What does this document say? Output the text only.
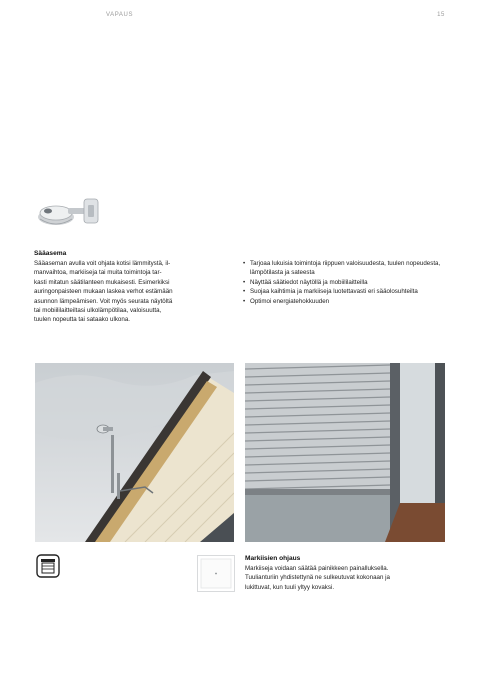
VAPAUS	15
Sääasema

Sääaseman avulla voit ohjata kotisi lämmitystä, il-

manvaihtoa, markiiseja tai muita toimintoja tar-

kasti mitatun säätilanteen mukaisesti. Esimerkiksi

auringonpaisteen mukaan laskea verhot estämään

asunnon lämpeämisen. Voit myös seurata näytöltä

tai mobiililaitteiltasi ulkolämpötilaa, valoisuutta,

tuulen nopeutta tai sataako ulkona.

• Tarjoaa lukuisia toimintoja riippuen valoisuudesta, tuulen nopeudesta, lämpötilasta ja sateesta
• Näyttää säätiedot näytöllä ja mobiililaitteilla
• Suojaa kaihtimia ja markiiseja luotettavasti eri sääolosuhteilta
• Optimoi energiatehokkuuden
Markiisien ohjaus

Markiiseja voidaan säätää painikkeen painalluksella.

Tuulianturiin yhdistettynä ne sulkeutuvat kokonaan ja

lukittuvat, kun tuuli yltyy kovaksi.
